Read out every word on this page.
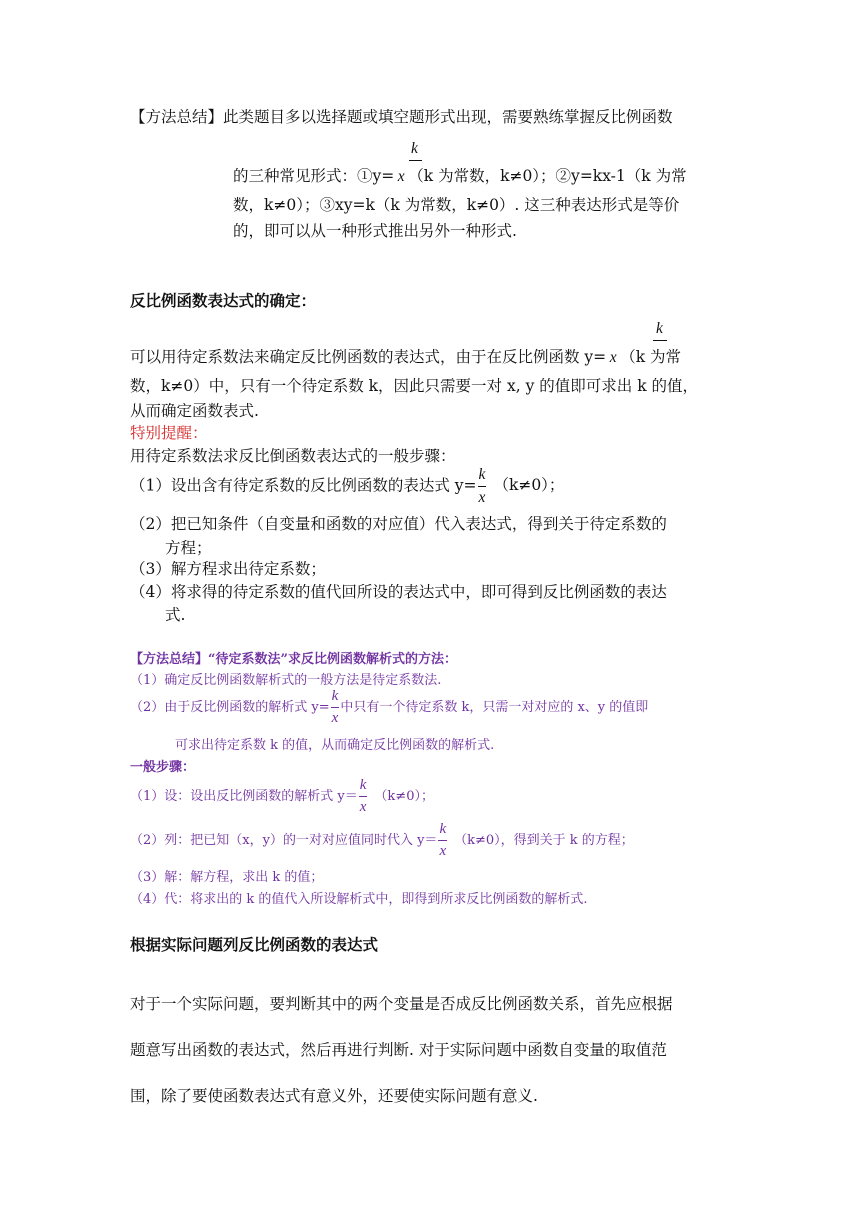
【方法总结】此类题目多以选择题或填空题形式出现，需要熟练掌握反比例函数
k
的三种常见形式：①y= x （k 为常数，k≠0）；②y=kx-1（k 为常
数，k≠0）；③xy=k（k 为常数，k≠0）. 这三种表达形式是等价
的，即可以从一种形式推出另外一种形式.
反比例函数表达式的确定：
k
可以用待定系数法来确定反比例函数的表达式，由于在反比例函数 y= x （k 为常
数，k≠0）中，只有一个待定系数 k，因此只需要一对 x, y 的值即可求出 k 的值，
从而确定函数表式.
特别提醒：
用待定系数法求反比倒函数表达式的一般步骤：
（1）设出含有待定系数的反比例函数的表达式 $y= \frac{k}{x} (k\ne 0)$；
（2）把已知条件（自变量和函数的对应值）代入表达式，得到关于待定系数的
方程；
（3）解方程求出待定系数；
（4）将求得的待定系数的值代回所设的表达式中，即可得到反比例函数的表达
式.
【方法总结】“待定系数法”求反比例函数解析式的方法：
（1）确定反比例函数解析式的一般方法是待定系数法.
（2）由于反比例函数的解析式 $y= \frac{k}{x}$ 中只有一个待定系数 k，只需一对对应的 x、y 的值即
可求出待定系数 k 的值，从而确定反比例函数的解析式.
一般步骤：
（1）设：设出反比例函数的解析式 $y= \frac{k}{x} (k\ne 0)$；
（2）列：把已知（x，y）的一对对应值同时代入 $y= \frac{k}{x} (k\ne 0)$，得到关于 k 的方程；
（3）解：解方程，求出 k 的值；
（4）代：将求出的 k 的值代入所设解析式中，即得到所求反比例函数的解析式.
根据实际问题列反比例函数的表达式
对于一个实际问题，要判断其中的两个变量是否成反比例函数关系，首先应根据
题意写出函数的表达式，然后再进行判断. 对于实际问题中函数自变量的取值范
围，除了要使函数表达式有意义外，还要使实际问题有意义.
